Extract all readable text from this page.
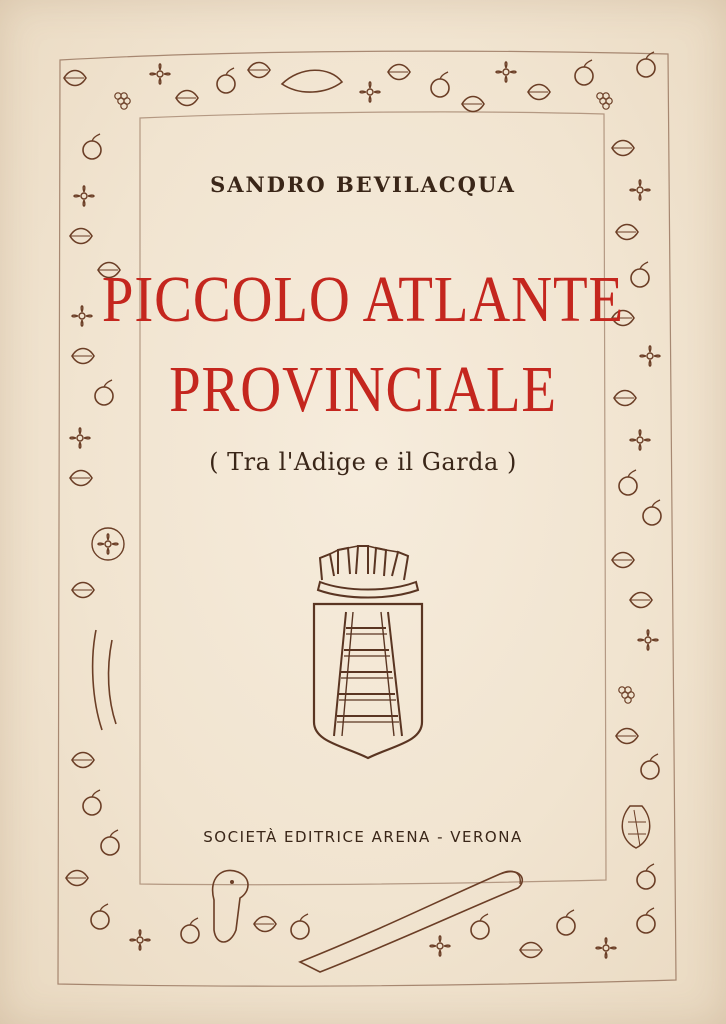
SANDRO BEVILACQUA
PICCOLO ATLANTE
PROVINCIALE
( Tra l'Adige e il Garda )
SOCIETÀ EDITRICE ARENA - VERONA
